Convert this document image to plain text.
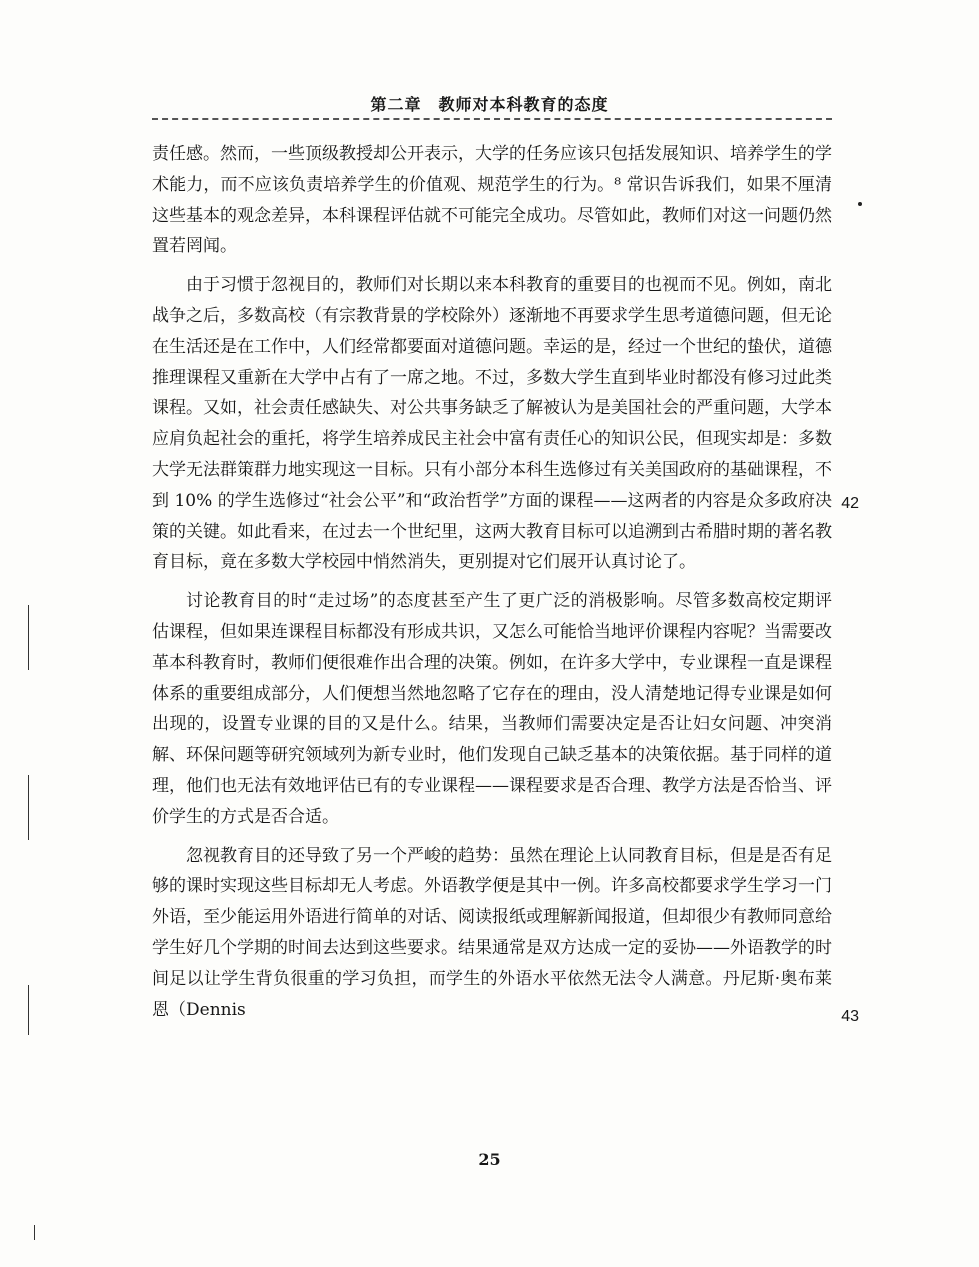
第二章　教师对本科教育的态度

责任感。然而，一些顶级教授却公开表示，大学的任务应该只包括发展知识、培养学生的学术能力，而不应该负责培养学生的价值观、规范学生的行为。⁸ 常识告诉我们，如果不厘清这些基本的观念差异，本科课程评估就不可能完全成功。尽管如此，教师们对这一问题仍然置若罔闻。

由于习惯于忽视目的，教师们对长期以来本科教育的重要目的也视而不见。例如，南北战争之后，多数高校（有宗教背景的学校除外）逐渐地不再要求学生思考道德问题，但无论在生活还是在工作中，人们经常都要面对道德问题。幸运的是，经过一个世纪的蛰伏，道德推理课程又重新在大学中占有了一席之地。不过，多数大学生直到毕业时都没有修习过此类课程。又如，社会责任感缺失、对公共事务缺乏了解被认为是美国社会的严重问题，大学本应肩负起社会的重托，将学生培养成民主社会中富有责任心的知识公民，但现实却是：多数大学无法群策群力地实现这一目标。只有小部分本科生选修过有关美国政府的基础课程，不到 10% 的学生选修过“社会公平”和“政治哲学”方面的课程——这两者的内容是众多政府决策的关键。如此看来，在过去一个世纪里，这两大教育目标可以追溯到古希腊时期的著名教育目标，竟在多数大学校园中悄然消失，更别提对它们展开认真讨论了。

讨论教育目的时“走过场”的态度甚至产生了更广泛的消极影响。尽管多数高校定期评估课程，但如果连课程目标都没有形成共识，又怎么可能恰当地评价课程内容呢？当需要改革本科教育时，教师们便很难作出合理的决策。例如，在许多大学中，专业课程一直是课程体系的重要组成部分，人们便想当然地忽略了它存在的理由，没人清楚地记得专业课是如何出现的，设置专业课的目的又是什么。结果，当教师们需要决定是否让妇女问题、冲突消解、环保问题等研究领域列为新专业时，他们发现自己缺乏基本的决策依据。基于同样的道理，他们也无法有效地评估已有的专业课程——课程要求是否合理、教学方法是否恰当、评价学生的方式是否合适。

忽视教育目的还导致了另一个严峻的趋势：虽然在理论上认同教育目标，但是是否有足够的课时实现这些目标却无人考虑。外语教学便是其中一例。许多高校都要求学生学习一门外语，至少能运用外语进行简单的对话、阅读报纸或理解新闻报道，但却很少有教师同意给学生好几个学期的时间去达到这些要求。结果通常是双方达成一定的妥协——外语教学的时间足以让学生背负很重的学习负担，而学生的外语水平依然无法令人满意。丹尼斯·奥布莱恩（Dennis

42
43
25
